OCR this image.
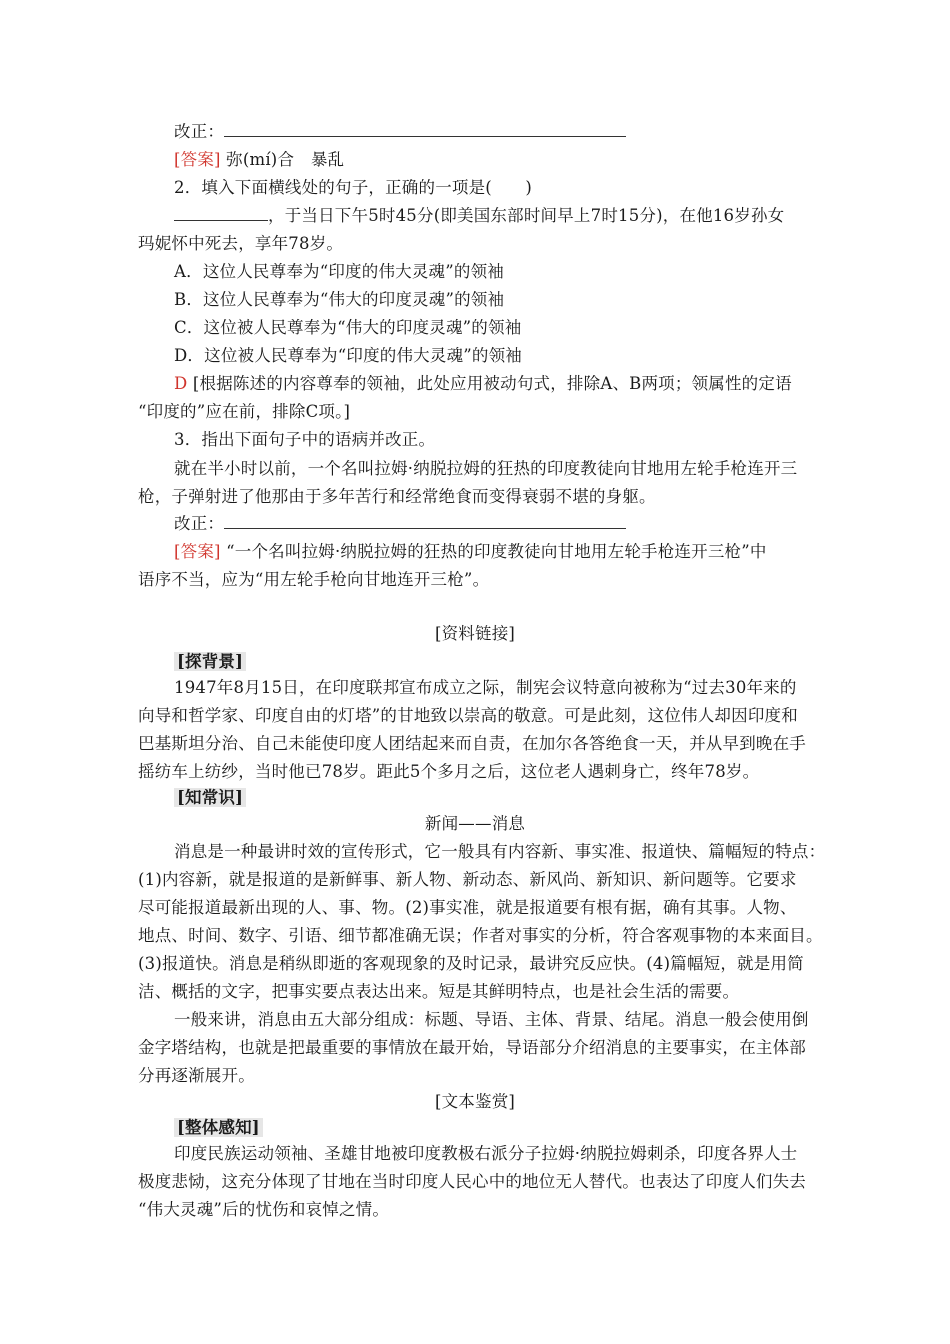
改正：
[答案] 弥(mí)合　暴乱
2．填入下面横线处的句子，正确的一项是(　　)
，于当日下午5时45分(即美国东部时间早上7时15分)，在他16岁孙女
玛妮怀中死去，享年78岁。
A．这位人民尊奉为“印度的伟大灵魂”的领袖
B．这位人民尊奉为“伟大的印度灵魂”的领袖
C．这位被人民尊奉为“伟大的印度灵魂”的领袖
D．这位被人民尊奉为“印度的伟大灵魂”的领袖
D [根据陈述的内容尊奉的领袖，此处应用被动句式，排除A、B两项；领属性的定语
“印度的”应在前，排除C项。]
3．指出下面句子中的语病并改正。
就在半小时以前，一个名叫拉姆·纳脱拉姆的狂热的印度教徒向甘地用左轮手枪连开三
枪，子弹射进了他那由于多年苦行和经常绝食而变得衰弱不堪的身躯。
改正：
[答案] “一个名叫拉姆·纳脱拉姆的狂热的印度教徒向甘地用左轮手枪连开三枪”中
语序不当，应为“用左轮手枪向甘地连开三枪”。
[资料链接]
[探背景]
1947年8月15日，在印度联邦宣布成立之际，制宪会议特意向被称为“过去30年来的
向导和哲学家、印度自由的灯塔”的甘地致以崇高的敬意。可是此刻，这位伟人却因印度和
巴基斯坦分治、自己未能使印度人团结起来而自责，在加尔各答绝食一天，并从早到晚在手
摇纺车上纺纱，当时他已78岁。距此5个多月之后，这位老人遇刺身亡，终年78岁。
[知常识]
新闻——消息
消息是一种最讲时效的宣传形式，它一般具有内容新、事实准、报道快、篇幅短的特点：
(1)内容新，就是报道的是新鲜事、新人物、新动态、新风尚、新知识、新问题等。它要求
尽可能报道最新出现的人、事、物。(2)事实准，就是报道要有根有据，确有其事。人物、
地点、时间、数字、引语、细节都准确无误；作者对事实的分析，符合客观事物的本来面目。
(3)报道快。消息是稍纵即逝的客观现象的及时记录，最讲究反应快。(4)篇幅短，就是用简
洁、概括的文字，把事实要点表达出来。短是其鲜明特点，也是社会生活的需要。
一般来讲，消息由五大部分组成：标题、导语、主体、背景、结尾。消息一般会使用倒
金字塔结构，也就是把最重要的事情放在最开始，导语部分介绍消息的主要事实，在主体部
分再逐渐展开。
[文本鉴赏]
[整体感知]
印度民族运动领袖、圣雄甘地被印度教极右派分子拉姆·纳脱拉姆刺杀，印度各界人士
极度悲恸，这充分体现了甘地在当时印度人民心中的地位无人替代。也表达了印度人们失去
“伟大灵魂”后的忧伤和哀悼之情。
